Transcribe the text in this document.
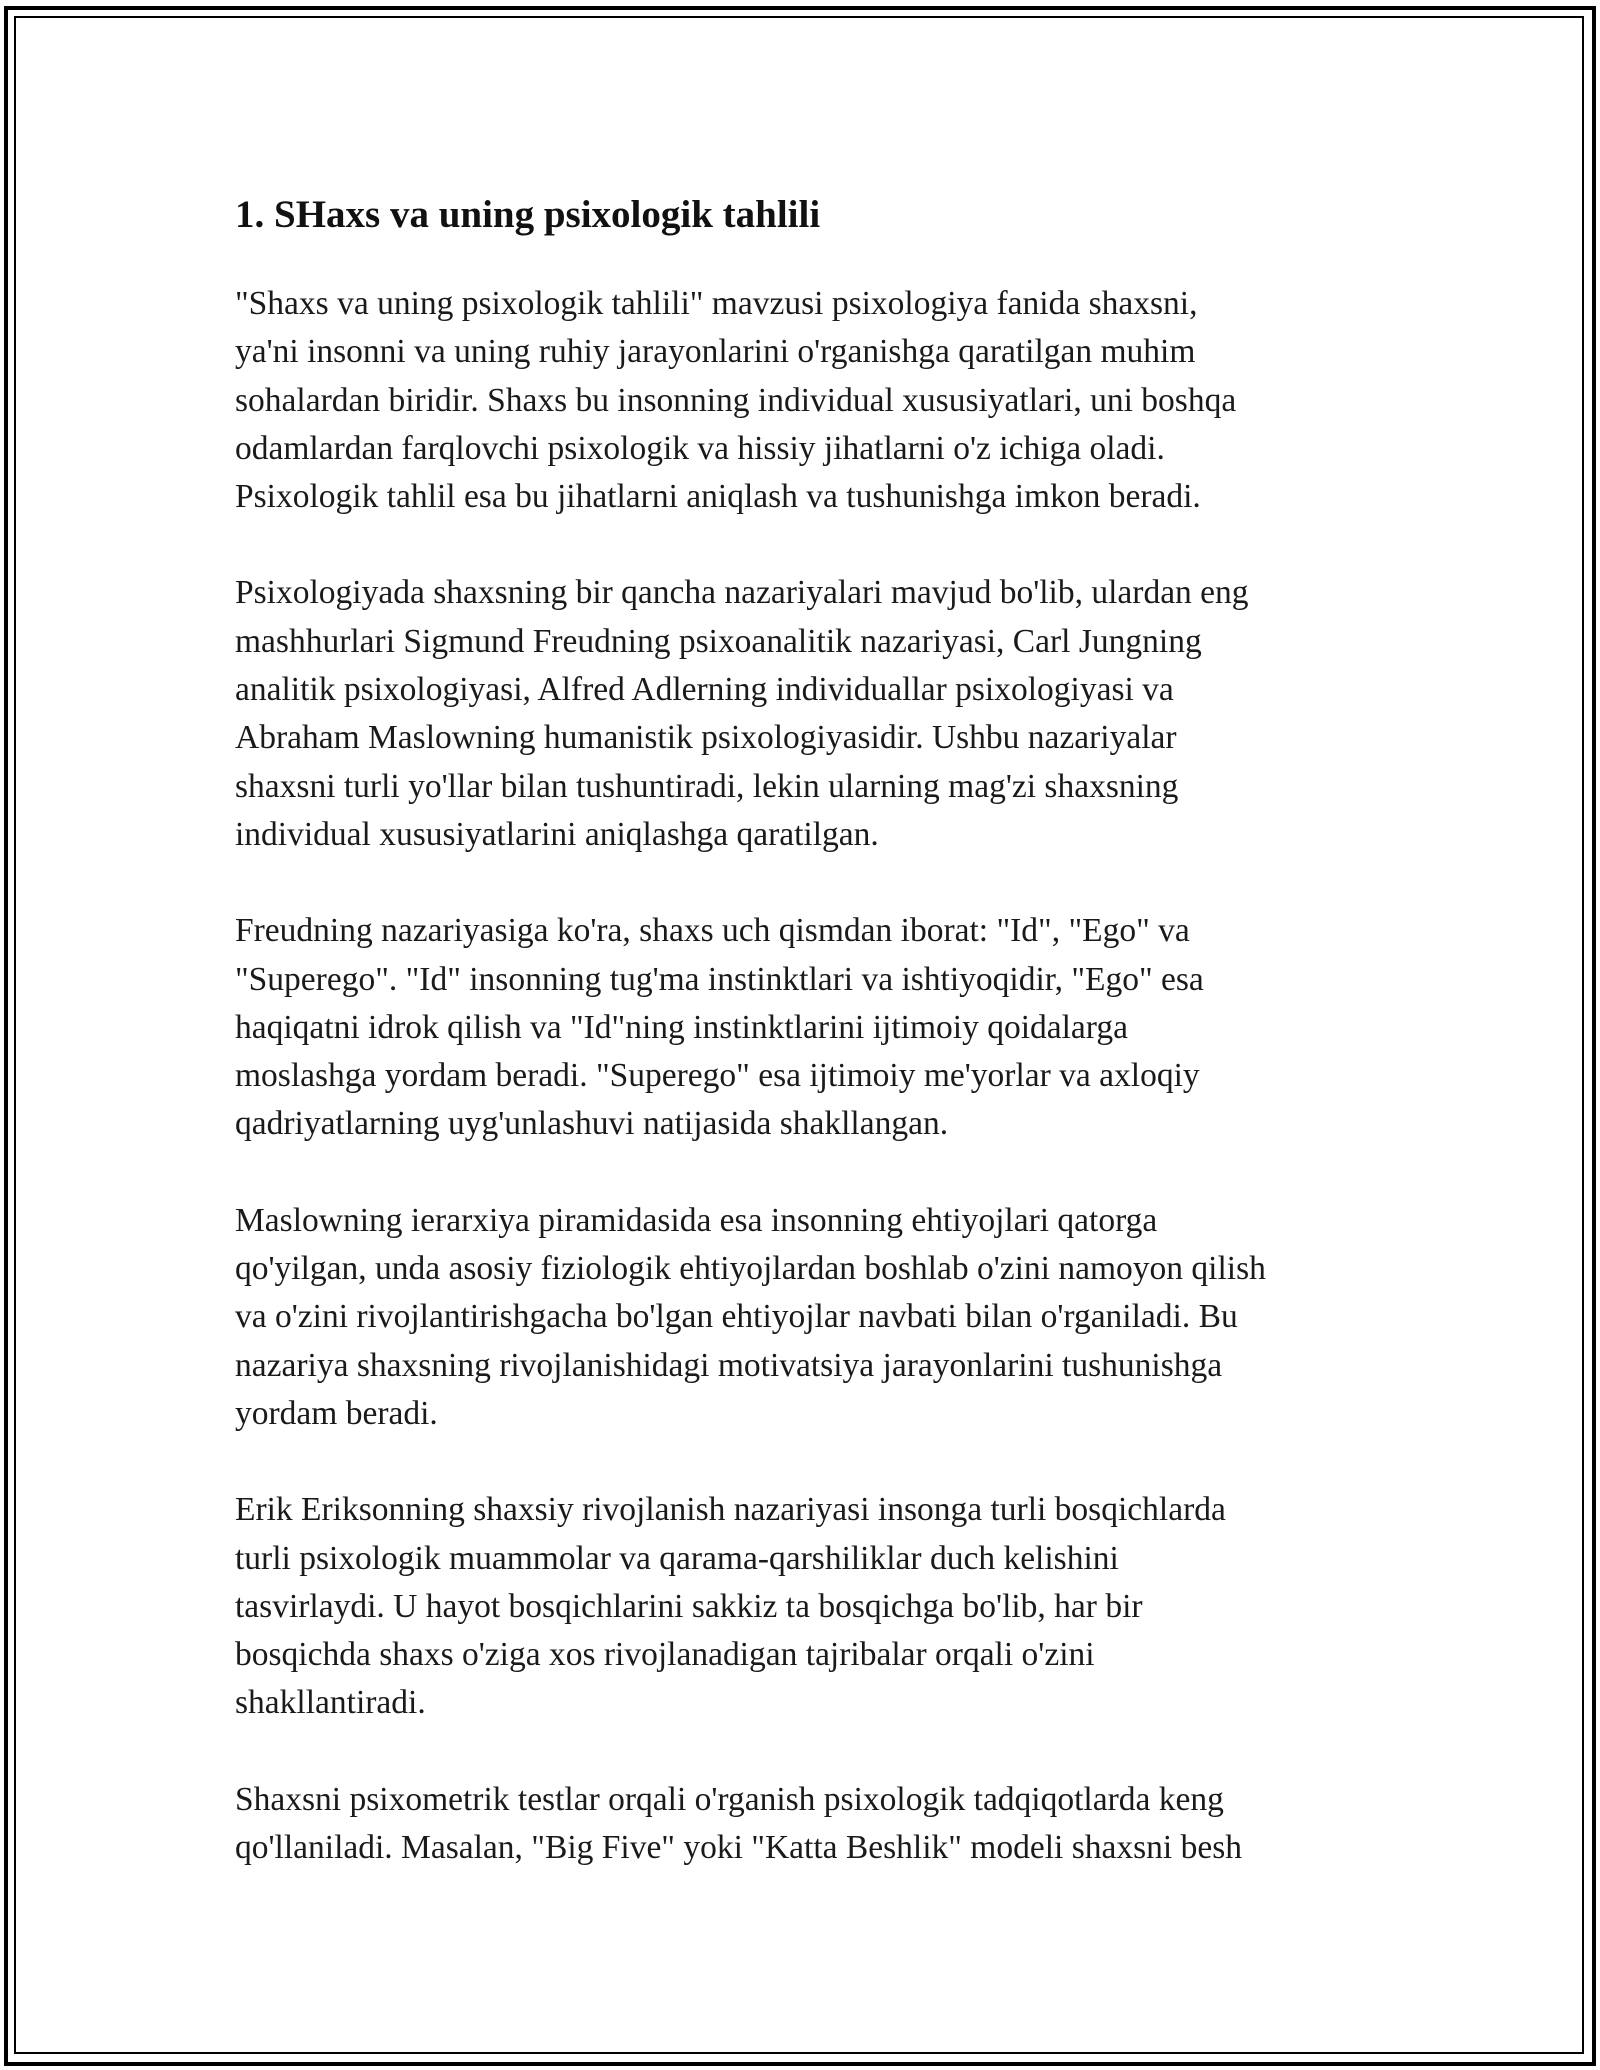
1. SHaxs va uning psixologik tahlili

"Shaxs va uning psixologik tahlili" mavzusi psixologiya fanida shaxsni,
ya'ni insonni va uning ruhiy jarayonlarini o'rganishga qaratilgan muhim
sohalardan biridir. Shaxs bu insonning individual xususiyatlari, uni boshqa
odamlardan farqlovchi psixologik va hissiy jihatlarni o'z ichiga oladi.
Psixologik tahlil esa bu jihatlarni aniqlash va tushunishga imkon beradi.

Psixologiyada shaxsning bir qancha nazariyalari mavjud bo'lib, ulardan eng
mashhurlari Sigmund Freudning psixoanalitik nazariyasi, Carl Jungning
analitik psixologiyasi, Alfred Adlerning individuallar psixologiyasi va
Abraham Maslowning humanistik psixologiyasidir. Ushbu nazariyalar
shaxsni turli yo'llar bilan tushuntiradi, lekin ularning mag'zi shaxsning
individual xususiyatlarini aniqlashga qaratilgan.

Freudning nazariyasiga ko'ra, shaxs uch qismdan iborat: "Id", "Ego" va
"Superego". "Id" insonning tug'ma instinktlari va ishtiyoqidir, "Ego" esa
haqiqatni idrok qilish va "Id"ning instinktlarini ijtimoiy qoidalarga
moslashga yordam beradi. "Superego" esa ijtimoiy me'yorlar va axloqiy
qadriyatlarning uyg'unlashuvi natijasida shakllangan.

Maslowning ierarxiya piramidasida esa insonning ehtiyojlari qatorga
qo'yilgan, unda asosiy fiziologik ehtiyojlardan boshlab o'zini namoyon qilish
va o'zini rivojlantirishgacha bo'lgan ehtiyojlar navbati bilan o'rganiladi. Bu
nazariya shaxsning rivojlanishidagi motivatsiya jarayonlarini tushunishga
yordam beradi.

Erik Eriksonning shaxsiy rivojlanish nazariyasi insonga turli bosqichlarda
turli psixologik muammolar va qarama-qarshiliklar duch kelishini
tasvirlaydi. U hayot bosqichlarini sakkiz ta bosqichga bo'lib, har bir
bosqichda shaxs o'ziga xos rivojlanadigan tajribalar orqali o'zini
shakllantiradi.

Shaxsni psixometrik testlar orqali o'rganish psixologik tadqiqotlarda keng
qo'llaniladi. Masalan, "Big Five" yoki "Katta Beshlik" modeli shaxsni besh
